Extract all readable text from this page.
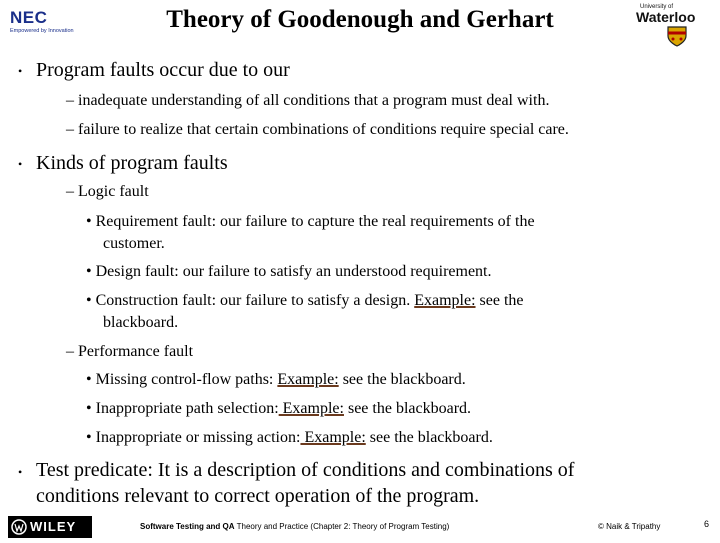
NEC
Empowered by Innovation	Theory of Goodenough and Gerhart	University of
Waterloo
• Program faults occur due to our
– inadequate understanding of all conditions that a program must deal with.
– failure to realize that certain combinations of conditions require special care.
• Kinds of program faults
– Logic fault
• Requirement fault: our failure to capture the real requirements of the
customer.
• Design fault: our failure to satisfy an understood requirement.
• Construction fault: our failure to satisfy a design. Example: see the
blackboard.
– Performance fault
• Missing control-flow paths: Example: see the blackboard.
• Inappropriate path selection: Example: see the blackboard.
• Inappropriate or missing action: Example: see the blackboard.
• Test predicate: It is a description of conditions and combinations of
conditions relevant to correct operation of the program.
WILEY	Software Testing and QA Theory and Practice (Chapter 2: Theory of Program Testing)	© Naik & Tripathy	6
